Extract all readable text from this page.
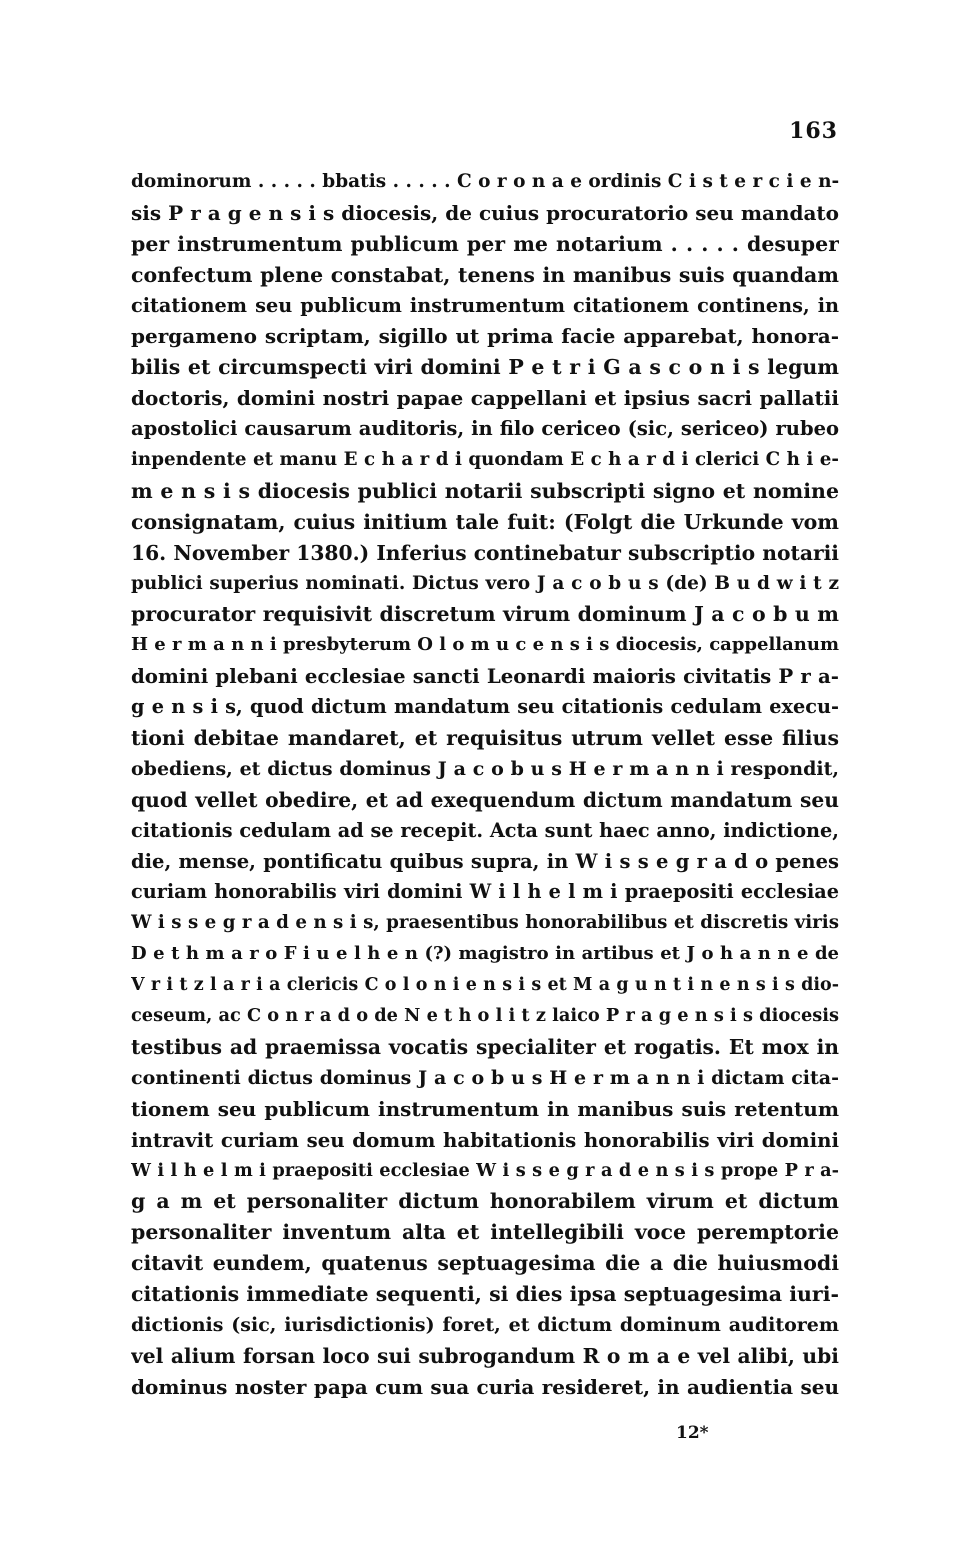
163
dominorum . . . . . bbatis . . . . . C o r o n a e ordinis C i s t e r c i e n-
sis P r a g e n s i s diocesis, de cuius procuratorio seu mandato
per instrumentum publicum per me notarium . . . . . desuper
confectum plene constabat, tenens in manibus suis quandam
citationem seu publicum instrumentum citationem continens, in
pergameno scriptam, sigillo ut prima facie apparebat, honora-
bilis et circumspecti viri domini P e t r i G a s c o n i s legum
doctoris, domini nostri papae cappellani et ipsius sacri pallatii
apostolici causarum auditoris, in filo cericeo (sic, sericeo) rubeo
inpendente et manu E c h a r d i quondam E c h a r d i clerici C h i e-
m e n s i s diocesis publici notarii subscripti signo et nomine
consignatam, cuius initium tale fuit: (Folgt die Urkunde vom
16. November 1380.) Inferius continebatur subscriptio notarii
publici superius nominati. Dictus vero J a c o b u s (de) B u d w i t z
procurator requisivit discretum virum dominum J a c o b u m
H e r m a n n i presbyterum O l o m u c e n s i s diocesis, cappellanum
domini plebani ecclesiae sancti Leonardi maioris civitatis P r a-
g e n s i s, quod dictum mandatum seu citationis cedulam execu-
tioni debitae mandaret, et requisitus utrum vellet esse filius
obediens, et dictus dominus J a c o b u s H e r m a n n i respondit,
quod vellet obedire, et ad exequendum dictum mandatum seu
citationis cedulam ad se recepit. Acta sunt haec anno, indictione,
die, mense, pontificatu quibus supra, in W i s s e g r a d o penes
curiam honorabilis viri domini W i l h e l m i praepositi ecclesiae
W i s s e g r a d e n s i s, praesentibus honorabilibus et discretis viris
D e t h m a r o F i u e l h e n (?) magistro in artibus et J o h a n n e de
V r i t z l a r i a clericis C o l o n i e n s i s et M a g u n t i n e n s i s dio-
ceseum, ac C o n r a d o de N e t h o l i t z laico P r a g e n s i s diocesis
testibus ad praemissa vocatis specialiter et rogatis. Et mox in
continenti dictus dominus J a c o b u s H e r m a n n i dictam cita-
tionem seu publicum instrumentum in manibus suis retentum
intravit curiam seu domum habitationis honorabilis viri domini
W i l h e l m i praepositi ecclesiae W i s s e g r a d e n s i s prope P r a-
g a m et personaliter dictum honorabilem virum et dictum
personaliter inventum alta et intellegibili voce peremptorie
citavit eundem, quatenus septuagesima die a die huiusmodi
citationis immediate sequenti, si dies ipsa septuagesima iuri-
dictionis (sic, iurisdictionis) foret, et dictum dominum auditorem
vel alium forsan loco sui subrogandum R o m a e vel alibi, ubi
dominus noster papa cum sua curia resideret, in audientia seu
12*
